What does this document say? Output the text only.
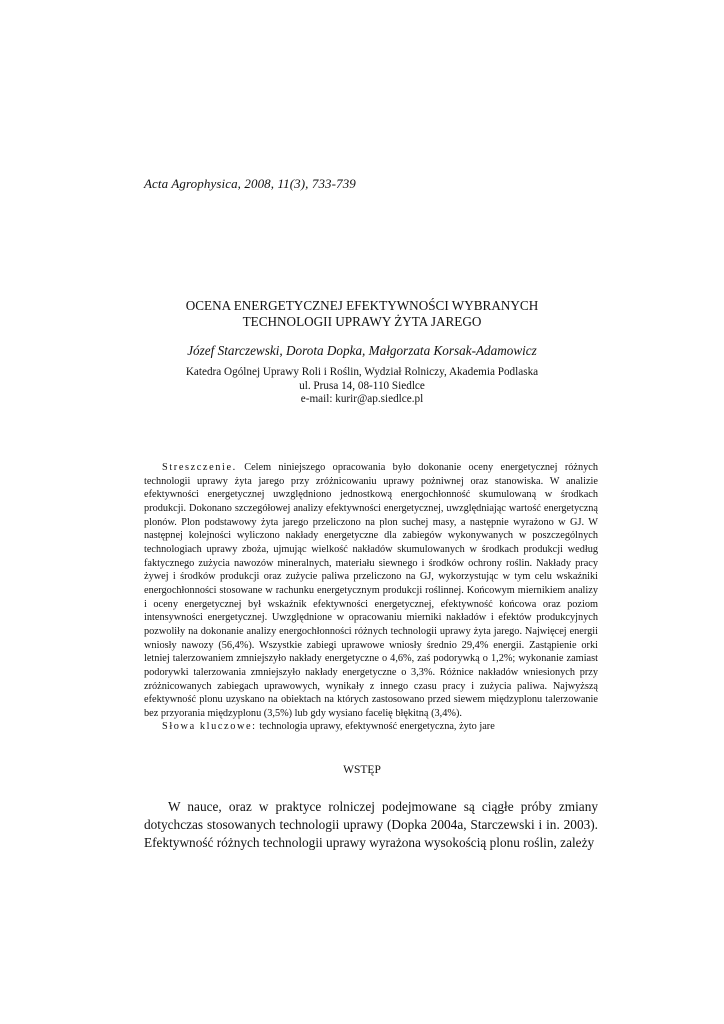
Acta Agrophysica, 2008, 11(3), 733-739
OCENA ENERGETYCZNEJ EFEKTYWNOŚCI WYBRANYCH
TECHNOLOGII UPRAWY ŻYTA JAREGO
Józef Starczewski, Dorota Dopka, Małgorzata Korsak-Adamowicz
Katedra Ogólnej Uprawy Roli i Roślin, Wydział Rolniczy, Akademia Podlaska
ul. Prusa 14, 08-110 Siedlce
e-mail: kurir@ap.siedlce.pl

Streszczenie. Celem niniejszego opracowania było dokonanie oceny energetycznej różnych technologii uprawy żyta jarego przy zróżnicowaniu uprawy pożniwnej oraz stanowiska. W analizie efektywności energetycznej uwzględniono jednostkową energochłonność skumulowaną w środkach produkcji. Dokonano szczegółowej analizy efektywności energetycznej, uwzględniając wartość energetyczną plonów. Plon podstawowy żyta jarego przeliczono na plon suchej masy, a następnie wyrażono w GJ. W następnej kolejności wyliczono nakłady energetyczne dla zabiegów wykonywanych w poszczególnych technologiach uprawy zboża, ujmując wielkość nakładów skumulowanych w środkach produkcji według faktycznego zużycia nawozów mineralnych, materiału siewnego i środków ochrony roślin. Nakłady pracy żywej i środków produkcji oraz zużycie paliwa przeliczono na GJ, wykorzystując w tym celu wskaźniki energochłonności stosowane w rachunku energetycznym produkcji roślinnej. Końcowym miernikiem analizy i oceny energetycznej był wskaźnik efektywności energetycznej, efektywność końcowa oraz poziom intensywności energetycznej. Uwzględnione w opracowaniu mierniki nakładów i efektów produkcyjnych pozwoliły na dokonanie analizy energochłonności różnych technologii uprawy żyta jarego. Najwięcej energii wniosły nawozy (56,4%). Wszystkie zabiegi uprawowe wniosły średnio 29,4% energii. Zastąpienie orki letniej talerzowaniem zmniejszyło nakłady energetyczne o 4,6%, zaś podorywką o 1,2%; wykonanie zamiast podorywki talerzowania zmniejszyło nakłady energetyczne o 3,3%. Różnice nakładów wniesionych przy zróżnicowanych zabiegach uprawowych, wynikały z innego czasu pracy i zużycia paliwa. Najwyższą efektywność plonu uzyskano na obiektach na których zastosowano przed siewem międzyplonu talerzowanie bez przyorania międzyplonu (3,5%) lub gdy wysiano facelię błękitną (3,4%).

Słowa kluczowe: technologia uprawy, efektywność energetyczna, żyto jare

WSTĘP

W nauce, oraz w praktyce rolniczej podejmowane są ciągłe próby zmiany dotychczas stosowanych technologii uprawy (Dopka 2004a, Starczewski i in. 2003). Efektywność różnych technologii uprawy wyrażona wysokością plonu roślin, zależy
